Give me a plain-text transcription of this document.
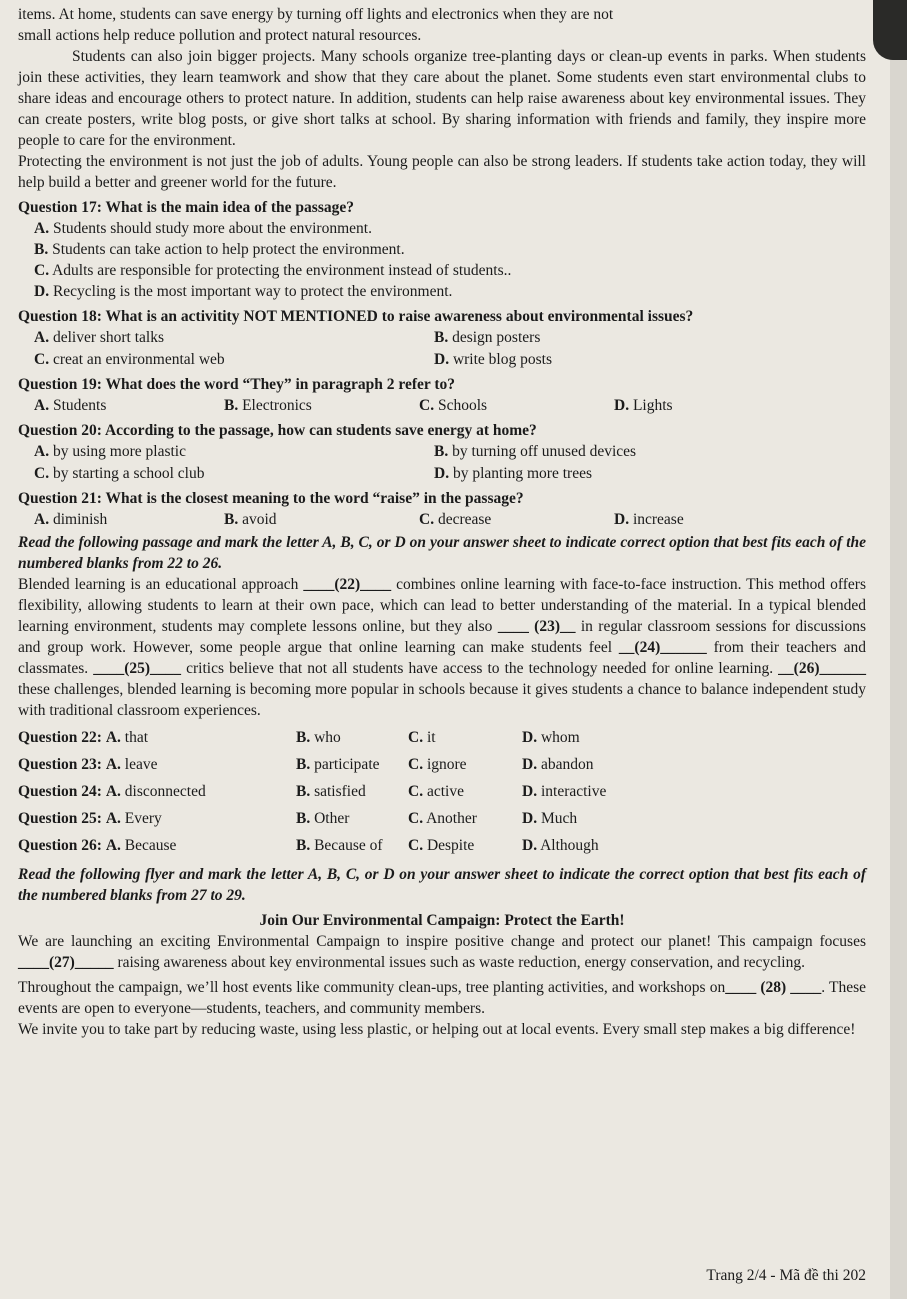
items. At home, students can save energy by turning off lights and electronics when they are not

small actions help reduce pollution and protect natural resources.

Students can also join bigger projects. Many schools organize tree-planting days or clean-up events in parks. When students join these activities, they learn teamwork and show that they care about the planet. Some students even start environmental clubs to share ideas and encourage others to protect nature. In addition, students can help raise awareness about key environmental issues. They can create posters, write blog posts, or give short talks at school. By sharing information with friends and family, they inspire more people to care for the environment.

Protecting the environment is not just the job of adults. Young people can also be strong leaders. If students take action today, they will help build a better and greener world for the future.

Question 17: What is the main idea of the passage?

A. Students should study more about the environment.
B. Students can take action to help protect the environment.
C. Adults are responsible for protecting the environment instead of students..
D. Recycling is the most important way to protect the environment.

Question 18: What is an activitity NOT MENTIONED to raise awareness about environmental issues?

A. deliver short talks	B. design posters
C. creat an environmental web	D. write blog posts

Question 19: What does the word “They” in paragraph 2 refer to?

A. Students	B. Electronics	C. Schools	D. Lights

Question 20: According to the passage, how can students save energy at home?

A. by using more plastic	B. by turning off unused devices
C. by starting a school club	D. by planting more trees

Question 21: What is the closest meaning to the word “raise” in the passage?

A. diminish	B. avoid	C. decrease	D. increase

Read the following passage and mark the letter A, B, C, or D on your answer sheet to indicate correct option that best fits each of the numbered blanks from 22 to 26.

Blended learning is an educational approach ____(22)____ combines online learning with face-to-face instruction. This method offers flexibility, allowing students to learn at their own pace, which can lead to better understanding of the material. In a typical blended learning environment, students may complete lessons online, but they also ____ (23)__ in regular classroom sessions for discussions and group work. However, some people argue that online learning can make students feel __(24)______ from their teachers and classmates. ____(25)____ critics believe that not all students have access to the technology needed for online learning. __(26)______ these challenges, blended learning is becoming more popular in schools because it gives students a chance to balance independent study with traditional classroom experiences.

Question 22: A. that	B. who	C. it	D. whom
Question 23: A. leave	B. participate	C. ignore	D. abandon
Question 24: A. disconnected	B. satisfied	C. active	D. interactive
Question 25: A. Every	B. Other	C. Another	D. Much
Question 26: A. Because	B. Because of	C. Despite	D. Although

Read the following flyer and mark the letter A, B, C, or D on your answer sheet to indicate the correct option that best fits each of the numbered blanks from 27 to 29.

Join Our Environmental Campaign: Protect the Earth!

We are launching an exciting Environmental Campaign to inspire positive change and protect our planet! This campaign focuses ____(27)_____ raising awareness about key environmental issues such as waste reduction, energy conservation, and recycling.

Throughout the campaign, we’ll host events like community clean-ups, tree planting activities, and workshops on____ (28) ____. These events are open to everyone—students, teachers, and community members.

We invite you to take part by reducing waste, using less plastic, or helping out at local events. Every small step makes a big difference!

Trang 2/4 - Mã đề thi 202
